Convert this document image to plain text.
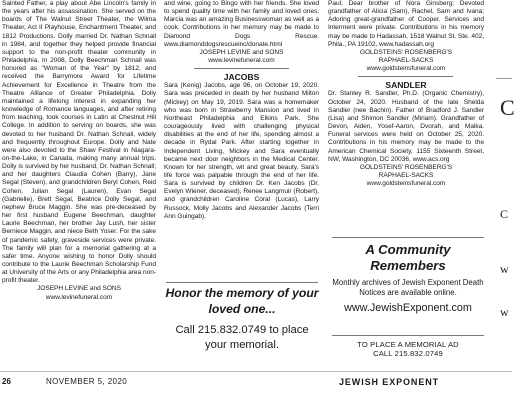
Sainted Father, a play about Abe Lincoln's family in the years after his assassination. She served on the boards of The Walnut Street Theater, the Wilma Theater, Act II Playhouse, Enchantment Theater, and 1812 Productions. Dolly married Dr. Nathan Schnall in 1984, and together they helped provide financial support to the non-profit theater community in Philadelphia. In 2008, Dolly Beechman Schnall was honored as "Woman of the Year" by 1812, and received the Barrymore Award for Lifetime Achievement for Excellence in Theatre from the Theatre Alliance of Greater Philadelphia. Dolly maintained a lifelong interest in expanding her knowledge of Romance languages, and after retiring from teaching, took courses in Latin at Chestnut Hill College. In addition to serving on boards, she was devoted to her husband Dr. Nathan Schnall, widely and frequently throughout Europe. Dolly and Nate were also devoted to the Shaw Festival in Niagara-on-the-Lake, in Canada, making many annual trips. Dolly is survived by her husband, Dr. Nathan Schnall; and her daughters Claudia Cohen (Barry), Jane Segal (Steven), and grandchildren Beryl Cohen, Reid Cohen, Julian Segal (Lauren), Evan Segal (Gabrielle), Brett Segal, Beatrice Dolly Segal, and nephew Bruce Maggin. She was pre-deceased by her first husband Eugene Beechman, daughter Laurie Beechman, her brother Jay Lush, her sister Berniece Maggin, and niece Beth Yoser. For the sake of pandemic safety, graveside services were private. The family will plan for a memorial gathering at a safer time. Anyone wishing to honor Dolly should contribute to the Laurie Beechman Scholarship Fund at University of the Arts or any Philadelphia area non-profit theater.

JOSEPH LEVINE and SONS

www.levinefuneral.com

and wine, going to Bingo with her friends. She loved to spend quality time with her family and loved ones. Marcia was an amazing Businesswoman as well as a cook. Contributions in her memory may be made to Diamond Dogs Rescue. www.diamonddogsrescueinc/donate.html

JOSEPH LEVINE and SONS

www.levinefuneral.com

JACOBS

Sara (Kenig) Jacobs, age 96, on October 19, 2020. Sara was preceded in death by her husband Milton (Mickey) on May 19, 2019. Sara was a homemaker who was born in Strawberry Mansion and lived in Northeast Philadelphia and Elkins Park. She courageously lived with challenging physical disabilities at the end of her life, spending almost a decade in Rydal Park. After starting together in Independent Living, Mickey and Sara eventually became next door neighbors in the Medical Center. Known for her strength, wit and great beauty, Sara's life force was palpable through the end of her life. Sara is survived by children Dr. Ken Jacobs (Dr. Evelyn Wiener, deceased), Renee Langmuir (Robert), and grandchildren Caroline Coral (Lucas), Larry Russock, Molly Jacobs and Alexander Jacobs (Terri Ann Guingab).

Honor the memory of your loved one...
Call 215.832.0749 to place your memorial.

Paul; Dear brother of Nora Ginsberg; Devoted grandfather of Alicia (Sam), Rachel, Sam and Ivana; Adoring great-grandfather of Cooper. Services and Interment were private. Contributions in his memory may be made to Hadassah, 1518 Walnut St. Ste. 402, Phila., PA 19102, www.hadassah.org

GOLDSTEINS' ROSENBERG'S

RAPHAEL-SACKS

www.goldsteinsfuneral.com

SANDLER

Dr. Stanley R. Sandler, Ph.D. (Organic Chemistry), October 24, 2020. Husband of the late Shelda Sandler (nee Bachin). Father of Bradford J. Sandler (Lisa) and Shimon Sandler (Miriam). Grandfather of Devon, Aiden, Yosef-Aaron, Dvorah, and Malka. Funeral services were held on October 25, 2020. Contributions in his memory may be made to the American Chemical Society, 1155 Sixteenth Street, NW, Washington, DC 20036, www.acs.org

GOLDSTEINS' ROSENBERG'S

RAPHAEL-SACKS

www.goldsteinsfuneral.com

A Community Remembers
Monthly archives of Jewish Exponent Death Notices are available online.
www.JewishExponent.com
TO PLACE A MEMORIAL AD
CALL 215.832.0749
C
C
w
w
26	NOVEMBER 5, 2020	JEWISH EXPONENT
